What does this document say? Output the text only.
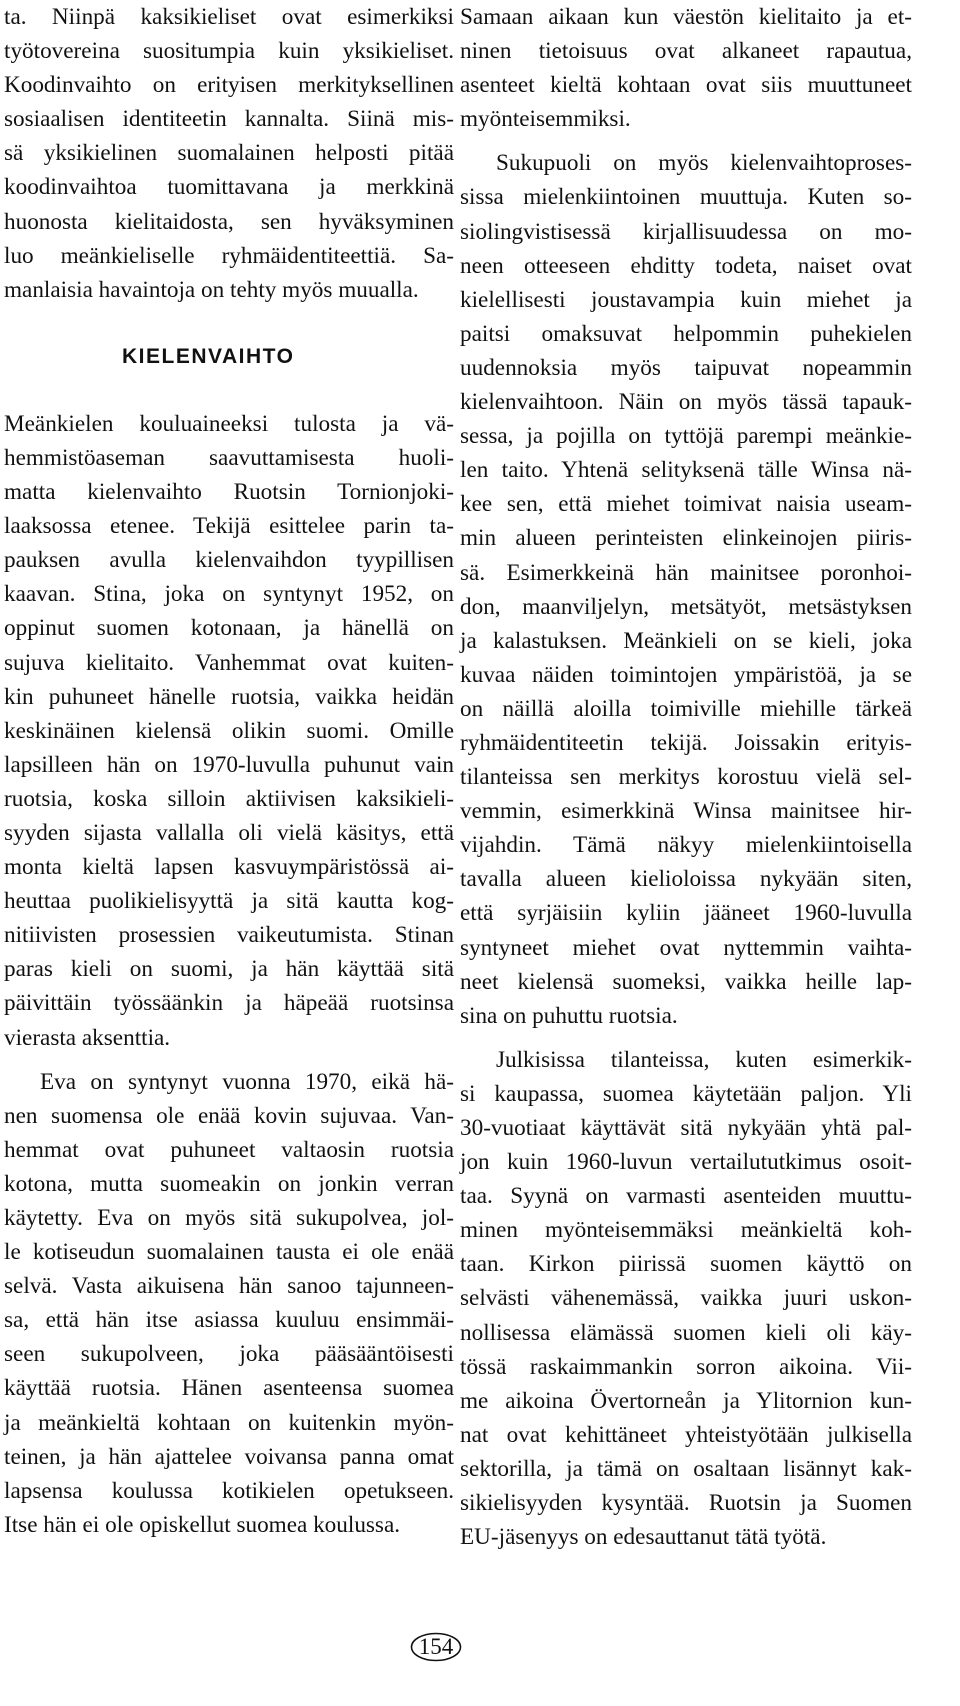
ta. Niinpä kaksikieliset ovat esimerkiksi
työtovereina suositumpia kuin yksikieliset.
Koodinvaihto on erityisen merkityksellinen
sosiaalisen identiteetin kannalta. Siinä mis-
sä yksikielinen suomalainen helposti pitää
koodinvaihtoa tuomittavana ja merkkinä
huonosta kielitaidosta, sen hyväksyminen
luo meänkieliselle ryhmäidentiteettiä. Sa-
manlaisia havaintoja on tehty myös muualla.
KIELENVAIHTO
Meänkielen kouluaineeksi tulosta ja vä-
hemmistöaseman saavuttamisesta huoli-
matta kielenvaihto Ruotsin Tornionjoki-
laaksossa etenee. Tekijä esittelee parin ta-
pauksen avulla kielenvaihdon tyypillisen
kaavan. Stina, joka on syntynyt 1952, on
oppinut suomen kotonaan, ja hänellä on
sujuva kielitaito. Vanhemmat ovat kuiten-
kin puhuneet hänelle ruotsia, vaikka heidän
keskinäinen kielensä olikin suomi. Omille
lapsilleen hän on 1970-luvulla puhunut vain
ruotsia, koska silloin aktiivisen kaksikieli-
syyden sijasta vallalla oli vielä käsitys, että
monta kieltä lapsen kasvuympäristössä ai-
heuttaa puolikielisyyttä ja sitä kautta kog-
nitiivisten prosessien vaikeutumista. Stinan
paras kieli on suomi, ja hän käyttää sitä
päivittäin työssäänkin ja häpeää ruotsinsa
vierasta aksenttia.
Eva on syntynyt vuonna 1970, eikä hä-
nen suomensa ole enää kovin sujuvaa. Van-
hemmat ovat puhuneet valtaosin ruotsia
kotona, mutta suomeakin on jonkin verran
käytetty. Eva on myös sitä sukupolvea, jol-
le kotiseudun suomalainen tausta ei ole enää
selvä. Vasta aikuisena hän sanoo tajunneen-
sa, että hän itse asiassa kuuluu ensimmäi-
seen sukupolveen, joka pääsääntöisesti
käyttää ruotsia. Hänen asenteensa suomea
ja meänkieltä kohtaan on kuitenkin myön-
teinen, ja hän ajattelee voivansa panna omat
lapsensa koulussa kotikielen opetukseen.
Itse hän ei ole opiskellut suomea koulussa.
Samaan aikaan kun väestön kielitaito ja et-
ninen tietoisuus ovat alkaneet rapautua,
asenteet kieltä kohtaan ovat siis muuttuneet
myönteisemmiksi.
Sukupuoli on myös kielenvaihtoproses-
sissa mielenkiintoinen muuttuja. Kuten so-
siolingvistisessä kirjallisuudessa on mo-
neen otteeseen ehditty todeta, naiset ovat
kielellisesti joustavampia kuin miehet ja
paitsi omaksuvat helpommin puhekielen
uudennoksia myös taipuvat nopeammin
kielenvaihtoon. Näin on myös tässä tapauk-
sessa, ja pojilla on tyttöjä parempi meänkie-
len taito. Yhtenä selityksenä tälle Winsa nä-
kee sen, että miehet toimivat naisia useam-
min alueen perinteisten elinkeinojen piiris-
sä. Esimerkkeinä hän mainitsee poronhoi-
don, maanviljelyn, metsätyöt, metsästyksen
ja kalastuksen. Meänkieli on se kieli, joka
kuvaa näiden toimintojen ympäristöä, ja se
on näillä aloilla toimiville miehille tärkeä
ryhmäidentiteetin tekijä. Joissakin erityis-
tilanteissa sen merkitys korostuu vielä sel-
vemmin, esimerkkinä Winsa mainitsee hir-
vijahdin. Tämä näkyy mielenkiintoisella
tavalla alueen kielioloissa nykyään siten,
että syrjäisiin kyliin jääneet 1960-luvulla
syntyneet miehet ovat nyttemmin vaihta-
neet kielensä suomeksi, vaikka heille lap-
sina on puhuttu ruotsia.
Julkisissa tilanteissa, kuten esimerkik-
si kaupassa, suomea käytetään paljon. Yli
30-vuotiaat käyttävät sitä nykyään yhtä pal-
jon kuin 1960-luvun vertailututkimus osoit-
taa. Syynä on varmasti asenteiden muuttu-
minen myönteisemmäksi meänkieltä koh-
taan. Kirkon piirissä suomen käyttö on
selvästi vähenemässä, vaikka juuri uskon-
nollisessa elämässä suomen kieli oli käy-
tössä raskaimmankin sorron aikoina. Vii-
me aikoina Övertorneån ja Ylitornion kun-
nat ovat kehittäneet yhteistyötään julkisella
sektorilla, ja tämä on osaltaan lisännyt kak-
sikielisyyden kysyntää. Ruotsin ja Suomen
EU-jäsenyys on edesauttanut tätä työtä.
154
